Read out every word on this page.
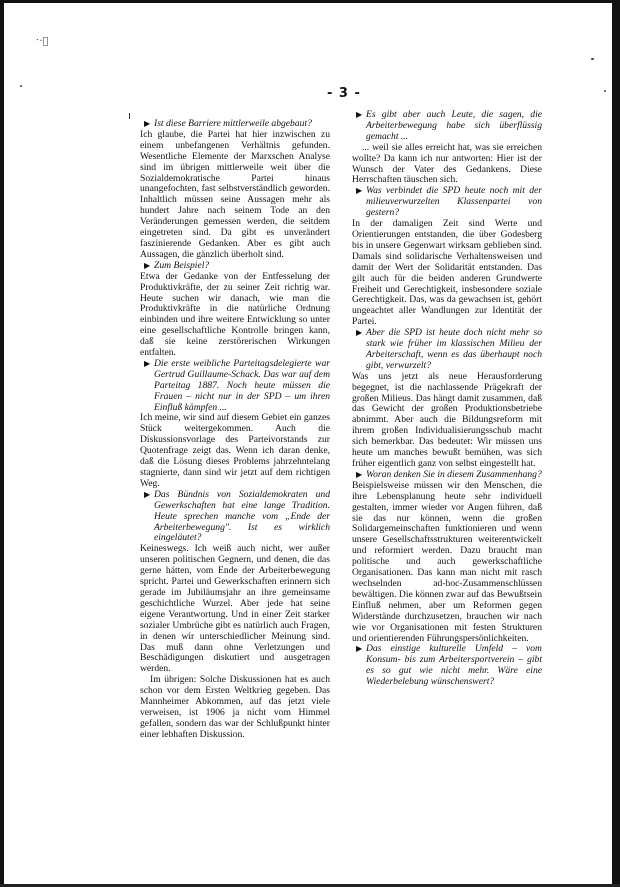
ˑ·ﾞ
- 3 -

▶ Ist diese Barriere mittlerweile abgebaut?

Ich glaube, die Partei hat hier inzwischen zu einem unbefangenen Verhältnis gefunden. Wesentliche Elemente der Marxschen Analyse sind im übrigen mittlerweile weit über die Sozialdemokratische Partei hinaus unangefochten, fast selbstverständlich geworden. Inhaltlich müssen seine Aussagen mehr als hundert Jahre nach seinem Tode an den Veränderungen gemessen werden, die seitdem eingetreten sind. Da gibt es unverändert faszinierende Gedanken. Aber es gibt auch Aussagen, die gänzlich überholt sind.

▶ Zum Beispiel?

Etwa der Gedanke von der Entfesselung der Produktivkräfte, der zu seiner Zeit richtig war. Heute suchen wir danach, wie man die Produktivkräfte in die natürliche Ordnung einbinden und ihre weitere Entwicklung so unter eine gesellschaftliche Kontrolle bringen kann, daß sie keine zerstörerischen Wirkungen entfalten.

▶ Die erste weibliche Parteitagsdelegierte war Gertrud Guillaume-Schack. Das war auf dem Parteitag 1887. Noch heute müssen die Frauen – nicht nur in der SPD – um ihren Einfluß kämpfen ...

Ich meine, wir sind auf diesem Gebiet ein ganzes Stück weitergekommen. Auch die Diskussionsvorlage des Parteivorstands zur Quotenfrage zeigt das. Wenn ich daran denke, daß die Lösung dieses Problems jahrzehntelang stagnierte, dann sind wir jetzt auf dem richtigen Weg.

▶ Das Bündnis von Sozialdemokraten und Gewerkschaften hat eine lange Tradition. Heute sprechen manche vom „Ende der Arbeiterbewegung". Ist es wirklich eingeläutet?

Keineswegs. Ich weiß auch nicht, wer außer unseren politischen Gegnern, und denen, die das gerne hätten, vom Ende der Arbeiterbewegung spricht. Partei und Gewerkschaften erinnern sich gerade im Jubiläumsjahr an ihre gemeinsame geschichtliche Wurzel. Aber jede hat seine eigene Verantwortung. Und in einer Zeit starker sozialer Umbrüche gibt es natürlich auch Fragen, in denen wir unterschiedlicher Meinung sind. Das muß dann ohne Verletzungen und Beschädigungen diskutiert und ausgetragen werden.

Im übrigen: Solche Diskussionen hat es auch schon vor dem Ersten Weltkrieg gegeben. Das Mannheimer Abkommen, auf das jetzt viele verweisen, ist 1906 ja nicht vom Himmel gefallen, sondern das war der Schlußpunkt hinter einer lebhaften Diskussion.

▶ Es gibt aber auch Leute, die sagen, die Arbeiterbewegung habe sich überflüssig gemacht ...

... weil sie alles erreicht hat, was sie erreichen wollte? Da kann ich nur antworten: Hier ist der Wunsch der Vater des Gedankens. Diese Herrschaften täuschen sich.

▶ Was verbindet die SPD heute noch mit der milieuverwurzelten Klassenpartei von gestern?

In der damaligen Zeit sind Werte und Orientierungen entstanden, die über Godesberg bis in unsere Gegenwart wirksam geblieben sind. Damals sind solidarische Verhaltensweisen und damit der Wert der Solidarität entstanden. Das gilt auch für die beiden anderen Grundwerte Freiheit und Gerechtigkeit, insbesondere soziale Gerechtigkeit. Das, was da gewachsen ist, gehört ungeachtet aller Wandlungen zur Identität der Partei.

▶ Aber die SPD ist heute doch nicht mehr so stark wie früher im klassischen Milieu der Arbeiterschaft, wenn es das überhaupt noch gibt, verwurzelt?

Was uns jetzt als neue Herausforderung begegnet, ist die nachlassende Prägekraft der großen Milieus. Das hängt damit zusammen, daß das Gewicht der großen Produktionsbetriebe abnimmt. Aber auch die Bildungsreform mit ihrem großen Individualisierungsschub macht sich bemerkbar. Das bedeutet: Wir müssen uns heute um manches bewußt bemühen, was sich früher eigentlich ganz von selbst eingestellt hat.

▶ Woran denken Sie in diesem Zusammenhang?

Beispielsweise müssen wir den Menschen, die ihre Lebensplanung heute sehr individuell gestalten, immer wieder vor Augen führen, daß sie das nur können, wenn die großen Solidargemeinschaften funktionieren und wenn unsere Gesellschaftsstrukturen weiterentwickelt und reformiert werden. Dazu braucht man politische und auch gewerkschaftliche Organisationen. Das kann man nicht mit rasch wechselnden ad-hoc-Zusammenschlüssen bewältigen. Die können zwar auf das Bewußtsein Einfluß nehmen, aber um Reformen gegen Widerstände durchzusetzen, brauchen wir nach wie vor Organisationen mit festen Strukturen und orientierenden Führungspersönlichkeiten.

▶ Das einstige kulturelle Umfeld – vom Konsum- bis zum Arbeitersportverein – gibt es so gut wie nicht mehr. Wäre eine Wiederbelebung wünschenswert?
